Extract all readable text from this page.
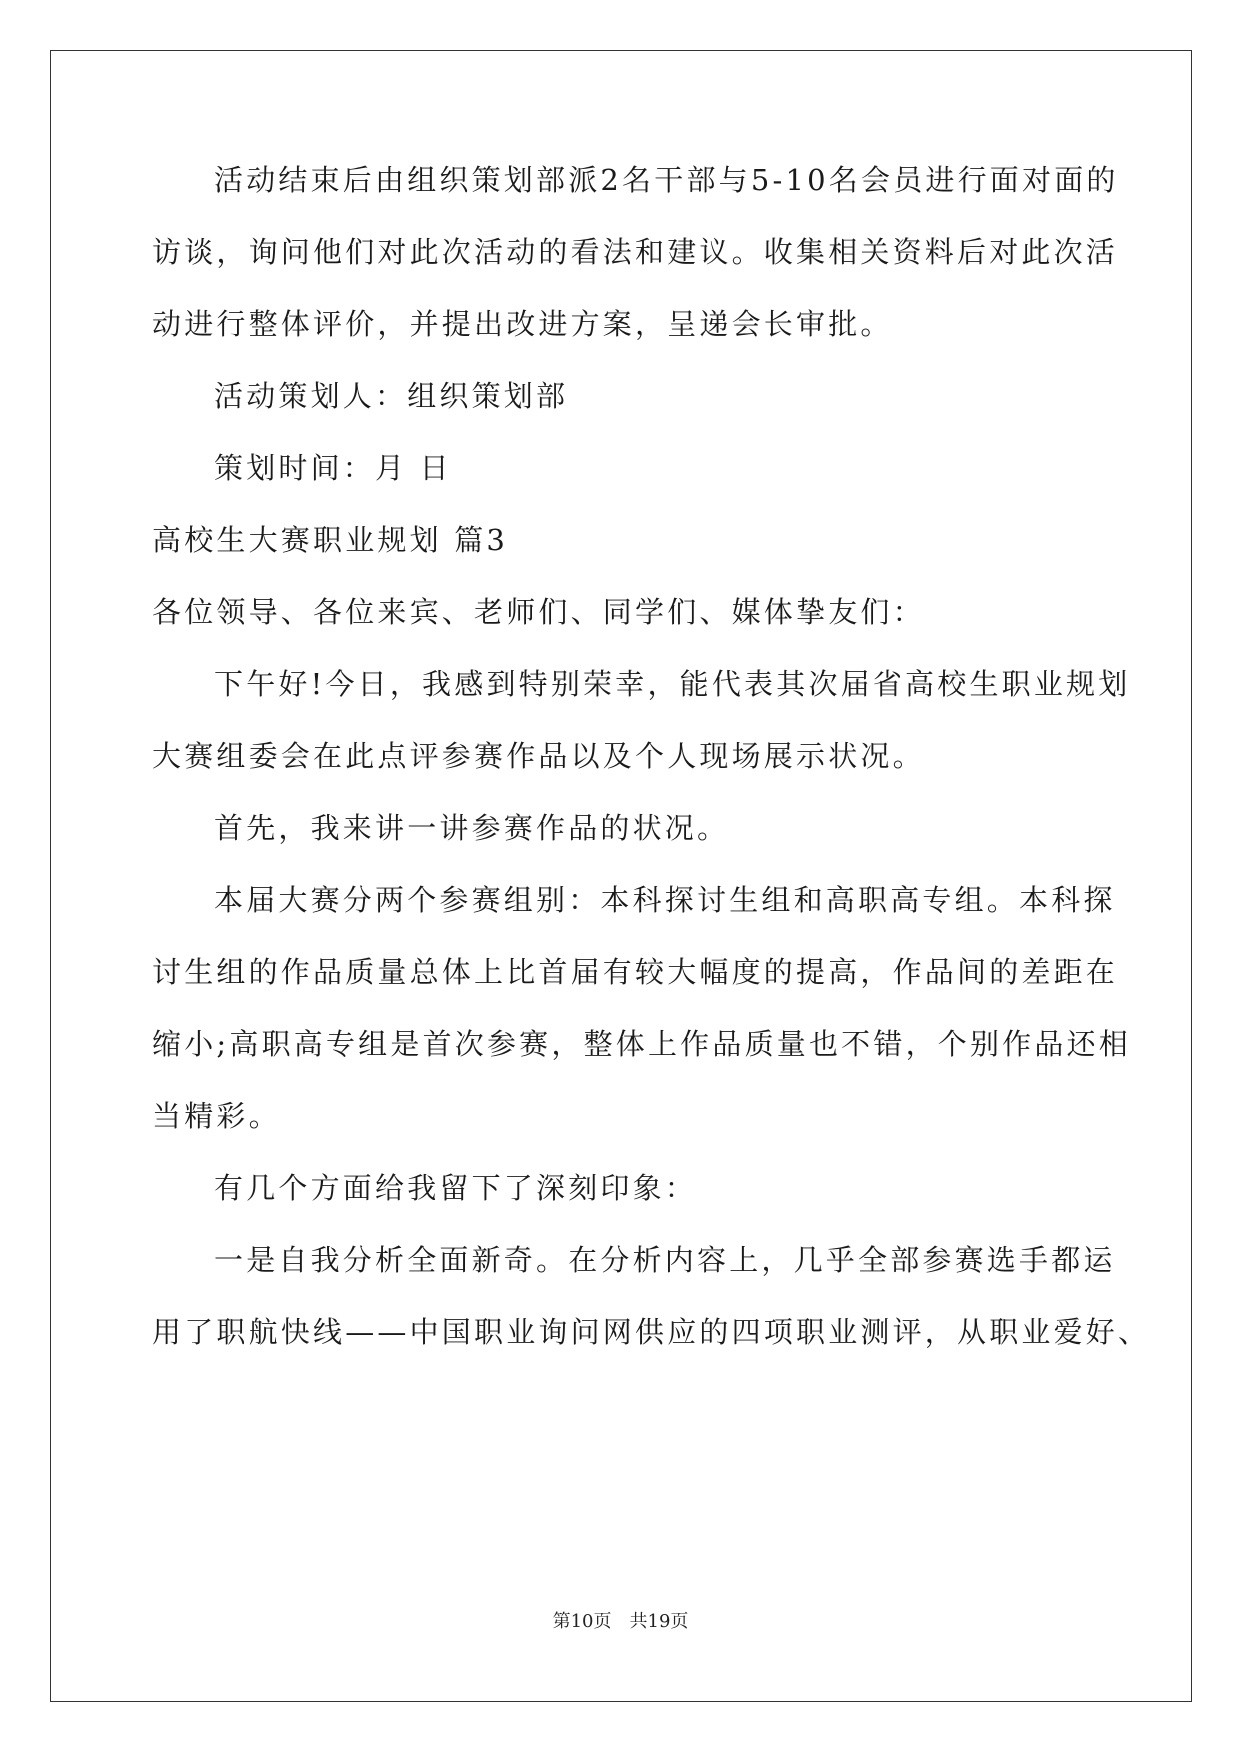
活动结束后由组织策划部派2名干部与5-10名会员进行面对面的
访谈，询问他们对此次活动的看法和建议。收集相关资料后对此次活
动进行整体评价，并提出改进方案，呈递会长审批。
活动策划人：组织策划部
策划时间：月 日
高校生大赛职业规划 篇3
各位领导、各位来宾、老师们、同学们、媒体挚友们：
下午好!今日，我感到特别荣幸，能代表其次届省高校生职业规划
大赛组委会在此点评参赛作品以及个人现场展示状况。
首先，我来讲一讲参赛作品的状况。
本届大赛分两个参赛组别：本科探讨生组和高职高专组。本科探
讨生组的作品质量总体上比首届有较大幅度的提高，作品间的差距在
缩小;高职高专组是首次参赛，整体上作品质量也不错，个别作品还相
当精彩。
有几个方面给我留下了深刻印象：
一是自我分析全面新奇。在分析内容上，几乎全部参赛选手都运
用了职航快线——中国职业询问网供应的四项职业测评，从职业爱好、
第10页 共19页
